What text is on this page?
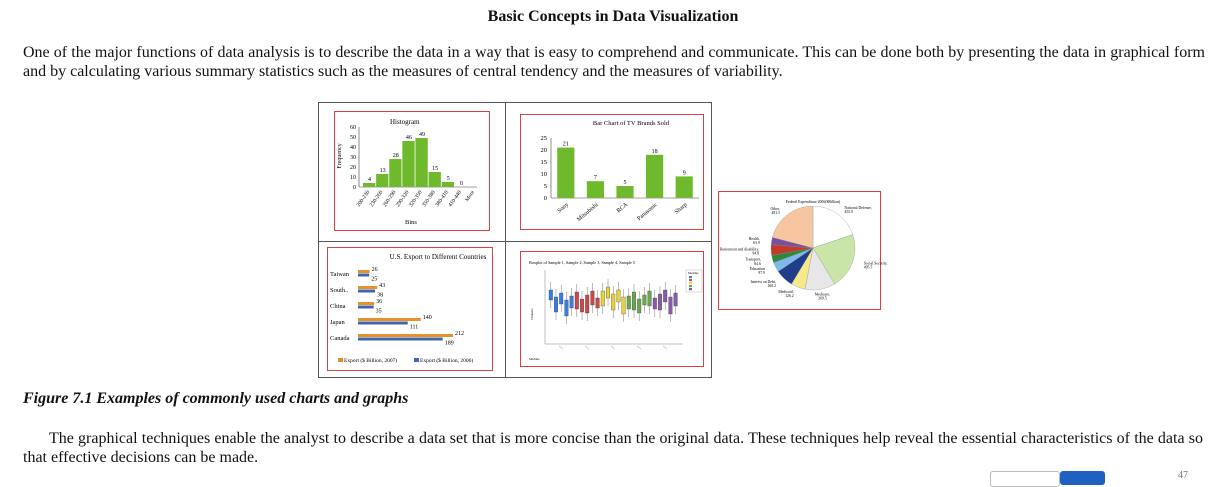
Basic Concepts in Data Visualization
One of the major functions of data analysis is to describe the data in a way that is easy to comprehend and communicate. This can be done both by presenting the data in graphical form and by calculating various summary statistics such as the measures of central tendency and the measures of variability.
Histogram
Frequency
Bins
0
10
20
30
40
50
60
4
13
28
46 49
15
5
0
200-230
230-260
260-290
290-320
320-350
350-380
380-410
410-440 More
Bar Chart of TV Brands Sold
0
5
10
15
20
25
21
Sony
7
Mitsubishi
5
RCA
18
Panasonic
9
Sharp
U.S. Export to Different Countries
Taiwan
26
25
South..
43
38
China
36
35
Japan
140
111
Canada
212
189
Export ($ Billion, 2007)	Export ($ Billion, 2006)
Boxplot of Sample 1, Sample 2, Sample 3, Sample 4, Sample 5
Machine
Diameter
Machine
Federal Expenditure 2006($Billion)
National Defense,
455.9
Social Security,
495.5
Medicare,
269.5
Medicaid,
126.2
Interest on Debt,
160.2
Education
87.9
Transport,
64.6
Retirement and disability,
94.8
Health,
63.9
Other,
481.5
Figure 7.1 Examples of commonly used charts and graphs
The graphical techniques enable the analyst to describe a data set that is more concise than the original data. These techniques help reveal the essential characteristics of the data so that effective decisions can be made.
47
